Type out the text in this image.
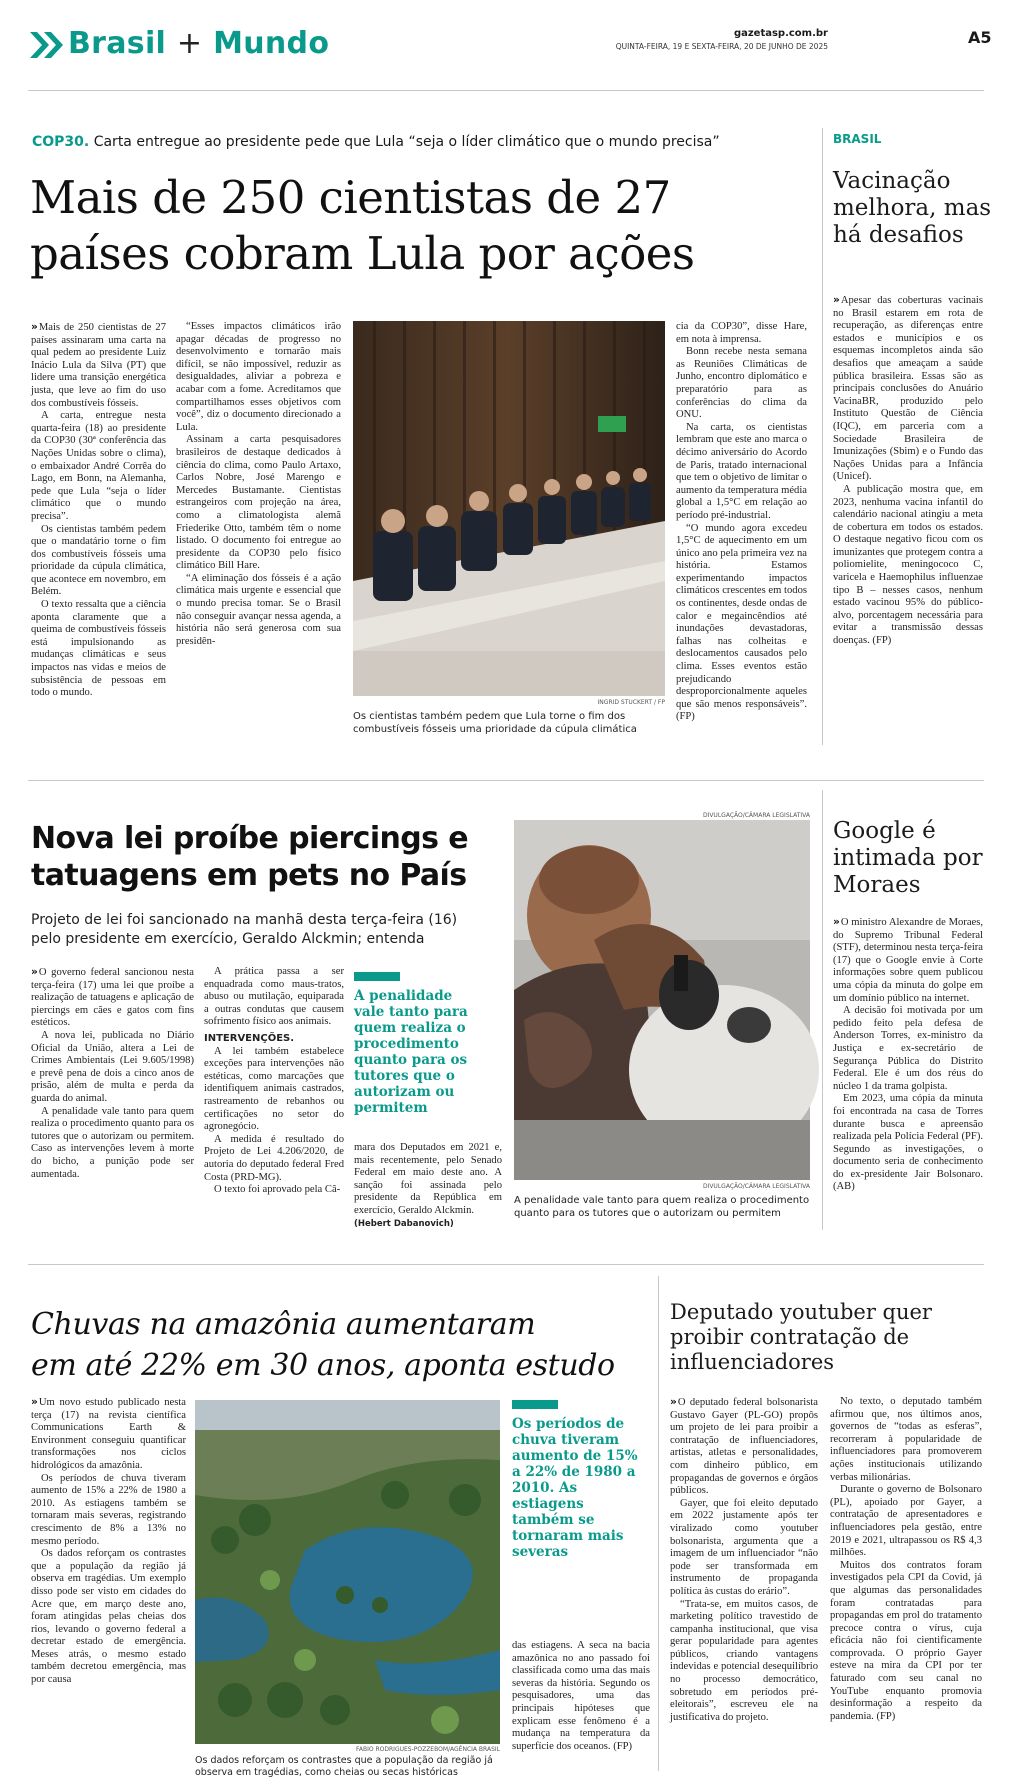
Brasil + Mundo	gazetasp.com.br
QUINTA-FEIRA, 19 E SEXTA-FEIRA, 20 DE JUNHO DE 2025	A5
COP30. Carta entregue ao presidente pede que Lula “seja o líder climático que o mundo precisa”
Mais de 250 cientistas de 27
países cobram Lula por ações

» Mais de 250 cientistas de 27 países assinaram uma carta na qual pedem ao presidente Luiz Inácio Lula da Silva (PT) que lidere uma transição energética justa, que leve ao fim do uso dos combustíveis fósseis.

A carta, entregue nesta quarta-feira (18) ao presidente da COP30 (30ª conferência das Nações Unidas sobre o clima), o embaixador André Corrêa do Lago, em Bonn, na Alemanha, pede que Lula “seja o líder climático que o mundo precisa”.

Os cientistas também pedem que o mandatário torne o fim dos combustíveis fósseis uma prioridade da cúpula climática, que acontece em novembro, em Belém.

O texto ressalta que a ciência aponta claramente que a queima de combustíveis fósseis está impulsionando as mudanças climáticas e seus impactos nas vidas e meios de subsistência de pessoas em todo o mundo.

“Esses impactos climáticos irão apagar décadas de progresso no desenvolvimento e tornarão mais difícil, se não impossível, reduzir as desigualdades, aliviar a pobreza e acabar com a fome. Acreditamos que compartilhamos esses objetivos com você”, diz o documento direcionado a Lula.

Assinam a carta pesquisadores brasileiros de destaque dedicados à ciência do clima, como Paulo Artaxo, Carlos Nobre, José Marengo e Mercedes Bustamante. Cientistas estrangeiros com projeção na área, como a climatologista alemã Friederike Otto, também têm o nome listado. O documento foi entregue ao presidente da COP30 pelo físico climático Bill Hare.

“A eliminação dos fósseis é a ação climática mais urgente e essencial que o mundo precisa tomar. Se o Brasil não conseguir avançar nessa agenda, a história não será generosa com sua presidên-

INGRID STUCKERT / FP
Os cientistas também pedem que Lula torne o fim dos combustíveis fósseis uma prioridade da cúpula climática

cia da COP30”, disse Hare, em nota à imprensa.

Bonn recebe nesta semana as Reuniões Climáticas de Junho, encontro diplomático e preparatório para as conferências do clima da ONU.

Na carta, os cientistas lembram que este ano marca o décimo aniversário do Acordo de Paris, tratado internacional que tem o objetivo de limitar o aumento da temperatura média global a 1,5°C em relação ao período pré-industrial.

“O mundo agora excedeu 1,5°C de aquecimento em um único ano pela primeira vez na história. Estamos experimentando impactos climáticos crescentes em todos os continentes, desde ondas de calor e megaincêndios até inundações devastadoras, falhas nas colheitas e deslocamentos causados pelo clima. Esses eventos estão prejudicando desproporcionalmente aqueles que são menos responsáveis”. (FP)

BRASIL
Vacinação melhora, mas há desafios

» Apesar das coberturas vacinais no Brasil estarem em rota de recuperação, as diferenças entre estados e municípios e os esquemas incompletos ainda são desafios que ameaçam a saúde pública brasileira. Essas são as principais conclusões do Anuário VacinaBR, produzido pelo Instituto Questão de Ciência (IQC), em parceria com a Sociedade Brasileira de Imunizações (Sbim) e o Fundo das Nações Unidas para a Infância (Unicef).

A publicação mostra que, em 2023, nenhuma vacina infantil do calendário nacional atingiu a meta de cobertura em todos os estados. O destaque negativo ficou com os imunizantes que protegem contra a poliomielite, meningococo C, varicela e Haemophilus influenzae tipo B – nesses casos, nenhum estado vacinou 95% do público-alvo, porcentagem necessária para evitar a transmissão dessas doenças. (FP)

Nova lei proíbe piercings e
tatuagens em pets no País
Projeto de lei foi sancionado na manhã desta terça-feira (16) pelo presidente em exercício, Geraldo Alckmin; entenda

» O governo federal sancionou nesta terça-feira (17) uma lei que proíbe a realização de tatuagens e aplicação de piercings em cães e gatos com fins estéticos.

A nova lei, publicada no Diário Oficial da União, altera a Lei de Crimes Ambientais (Lei 9.605/1998) e prevê pena de dois a cinco anos de prisão, além de multa e perda da guarda do animal.

A penalidade vale tanto para quem realiza o procedimento quanto para os tutores que o autorizam ou permitem. Caso as intervenções levem à morte do bicho, a punição pode ser aumentada.

A prática passa a ser enquadrada como maus-tratos, abuso ou mutilação, equiparada a outras condutas que causem sofrimento físico aos animais.

INTERVENÇÕES.

A lei também estabelece exceções para intervenções não estéticas, como marcações que identifiquem animais castrados, rastreamento de rebanhos ou certificações no setor do agronegócio.

A medida é resultado do Projeto de Lei 4.206/2020, de autoria do deputado federal Fred Costa (PRD-MG).

O texto foi aprovado pela Câ-

A penalidade vale tanto para quem realiza o procedimento quanto para os tutores que o autorizam ou permitem

mara dos Deputados em 2021 e, mais recentemente, pelo Senado Federal em maio deste ano. A sanção foi assinada pelo presidente da República em exercício, Geraldo Alckmin.

(Hebert Dabanovich)

DIVULGAÇÃO/CÂMARA LEGISLATIVA
DIVULGAÇÃO/CÂMARA LEGISLATIVA
A penalidade vale tanto para quem realiza o procedimento quanto para os tutores que o autorizam ou permitem
Google é intimada por Moraes

» O ministro Alexandre de Moraes, do Supremo Tribunal Federal (STF), determinou nesta terça-feira (17) que o Google envie à Corte informações sobre quem publicou uma cópia da minuta do golpe em um domínio público na internet.

A decisão foi motivada por um pedido feito pela defesa de Anderson Torres, ex-ministro da Justiça e ex-secretário de Segurança Pública do Distrito Federal. Ele é um dos réus do núcleo 1 da trama golpista.

Em 2023, uma cópia da minuta foi encontrada na casa de Torres durante busca e apreensão realizada pela Polícia Federal (PF). Segundo as investigações, o documento seria de conhecimento do ex-presidente Jair Bolsonaro. (AB)

Chuvas na amazônia aumentaram
em até 22% em 30 anos, aponta estudo

» Um novo estudo publicado nesta terça (17) na revista científica Communications Earth & Environment conseguiu quantificar transformações nos ciclos hidrológicos da amazônia.

Os períodos de chuva tiveram aumento de 15% a 22% de 1980 a 2010. As estiagens também se tornaram mais severas, registrando crescimento de 8% a 13% no mesmo período.

Os dados reforçam os contrastes que a população da região já observa em tragédias. Um exemplo disso pode ser visto em cidades do Acre que, em março deste ano, foram atingidas pelas cheias dos rios, levando o governo federal a decretar estado de emergência. Meses atrás, o mesmo estado também decretou emergência, mas por causa

FABIO RODRIGUES-POZZEBOM/AGÊNCIA BRASIL
Os dados reforçam os contrastes que a população da região já observa em tragédias, como cheias ou secas históricas
Os períodos de chuva tiveram aumento de 15% a 22% de 1980 a 2010. As estiagens também se tornaram mais severas

das estiagens. A seca na bacia amazônica no ano passado foi classificada como uma das mais severas da história. Segundo os pesquisadores, uma das principais hipóteses que explicam esse fenômeno é a mudança na temperatura da superfície dos oceanos. (FP)

Deputado youtuber quer proibir contratação de influenciadores

» O deputado federal bolsonarista Gustavo Gayer (PL-GO) propôs um projeto de lei para proibir a contratação de influenciadores, artistas, atletas e personalidades, com dinheiro público, em propagandas de governos e órgãos públicos.

Gayer, que foi eleito deputado em 2022 justamente após ter viralizado como youtuber bolsonarista, argumenta que a imagem de um influenciador “não pode ser transformada em instrumento de propaganda política às custas do erário”.

“Trata-se, em muitos casos, de marketing político travestido de campanha institucional, que visa gerar popularidade para agentes públicos, criando vantagens indevidas e potencial desequilíbrio no processo democrático, sobretudo em períodos pré-eleitorais”, escreveu ele na justificativa do projeto.

No texto, o deputado também afirmou que, nos últimos anos, governos de “todas as esferas”, recorreram à popularidade de influenciadores para promoverem ações institucionais utilizando verbas milionárias.

Durante o governo de Bolsonaro (PL), apoiado por Gayer, a contratação de apresentadores e influenciadores pela gestão, entre 2019 e 2021, ultrapassou os R$ 4,3 milhões.

Muitos dos contratos foram investigados pela CPI da Covid, já que algumas das personalidades foram contratadas para propagandas em prol do tratamento precoce contra o vírus, cuja eficácia não foi cientificamente comprovada. O próprio Gayer esteve na mira da CPI por ter faturado com seu canal no YouTube enquanto promovia desinformação a respeito da pandemia. (FP)
